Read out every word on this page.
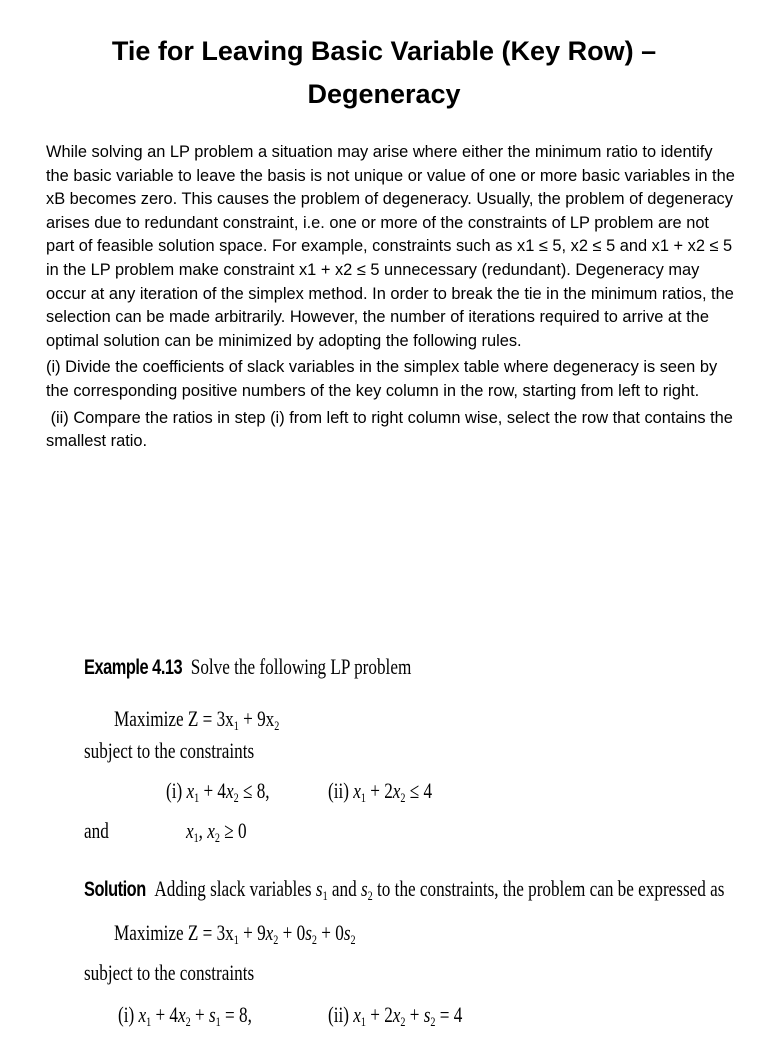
Tie for Leaving Basic Variable (Key Row) – Degeneracy

While solving an LP problem a situation may arise where either the minimum ratio to identify the basic variable to leave the basis is not unique or value of one or more basic variables in the xB becomes zero. This causes the problem of degeneracy. Usually, the problem of degeneracy arises due to redundant constraint, i.e. one or more of the constraints of LP problem are not part of feasible solution space. For example, constraints such as x1 ≤ 5, x2 ≤ 5 and x1 + x2 ≤ 5 in the LP problem make constraint x1 + x2 ≤ 5 unnecessary (redundant). Degeneracy may occur at any iteration of the simplex method. In order to break the tie in the minimum ratios, the selection can be made arbitrarily. However, the number of iterations required to arrive at the optimal solution can be minimized by adopting the following rules.

(i) Divide the coefficients of slack variables in the simplex table where degeneracy is seen by the corresponding positive numbers of the key column in the row, starting from left to right.

(ii) Compare the ratios in step (i) from left to right column wise, select the row that contains the smallest ratio.

Example 4.13 Solve the following LP problem

Maximize $Z = 3x_1 + 9x_2$

subject to the constraints

(i) $x_1 + 4x_2 \le 8$,
	(ii) $x_1 + 2x_2 \le 4$

and
	$x_1$, $x_2 \ge 0$

Solution Adding slack variables $s_1$ and $s_2$ to the constraints, the problem can be expressed as

Maximize $Z = 3x_1 + 9x_2 + 0s_2 + 0s_2$

subject to the constraints

(i) $x_1 + 4x_2 + s_1 = 8$,
	(ii) $x_1 + 2x_2 + s_2 = 4$
